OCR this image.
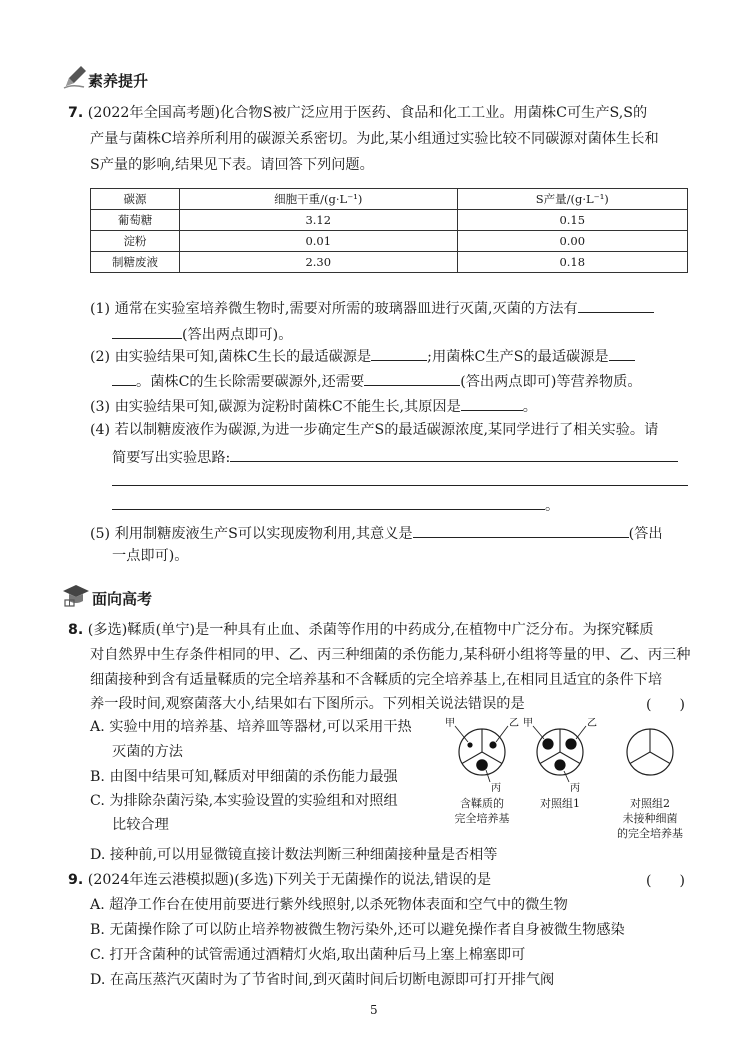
素养提升
7. (2022年全国高考题)化合物S被广泛应用于医药、食品和化工工业。用菌株C可生产S,S的
产量与菌株C培养所利用的碳源关系密切。为此,某小组通过实验比较不同碳源对菌体生长和
S产量的影响,结果见下表。请回答下列问题。
碳源	细胞干重/(g·L⁻¹)	S产量/(g·L⁻¹)
葡萄糖	3.12	0.15
淀粉	0.01	0.00
制糖废液	2.30	0.18
(1) 通常在实验室培养微生物时,需要对所需的玻璃器皿进行灭菌,灭菌的方法有
(答出两点即可)。
(2) 由实验结果可知,菌株C生长的最适碳源是	;用菌株C生产S的最适碳源是
。菌株C的生长除需要碳源外,还需要	(答出两点即可)等营养物质。
(3) 由实验结果可知,碳源为淀粉时菌株C不能生长,其原因是	。
(4) 若以制糖废液作为碳源,为进一步确定生产S的最适碳源浓度,某同学进行了相关实验。请
简要写出实验思路:
。
(5) 利用制糖废液生产S可以实现废物利用,其意义是	(答出
一点即可)。
面向高考
8. (多选)鞣质(单宁)是一种具有止血、杀菌等作用的中药成分,在植物中广泛分布。为探究鞣质
对自然界中生存条件相同的甲、乙、丙三种细菌的杀伤能力,某科研小组将等量的甲、乙、丙三种
细菌接种到含有适量鞣质的完全培养基和不含鞣质的完全培养基上,在相同且适宜的条件下培
养一段时间,观察菌落大小,结果如右下图所示。下列相关说法错误的是	(　　)
A. 实验中用的培养基、培养皿等器材,可以采用干热
灭菌的方法
B. 由图中结果可知,鞣质对甲细菌的杀伤能力最强
C. 为排除杂菌污染,本实验设置的实验组和对照组
比较合理
D. 接种前,可以用显微镜直接计数法判断三种细菌接种量是否相等
甲	乙
丙
甲	乙
丙
含鞣质的
完全培养基
对照组1	对照组2
未接种细菌
的完全培养基
9. (2024年连云港模拟题)(多选)下列关于无菌操作的说法,错误的是	(　　)
A. 超净工作台在使用前要进行紫外线照射,以杀死物体表面和空气中的微生物
B. 无菌操作除了可以防止培养物被微生物污染外,还可以避免操作者自身被微生物感染
C. 打开含菌种的试管需通过酒精灯火焰,取出菌种后马上塞上棉塞即可
D. 在高压蒸汽灭菌时为了节省时间,到灭菌时间后切断电源即可打开排气阀
5
